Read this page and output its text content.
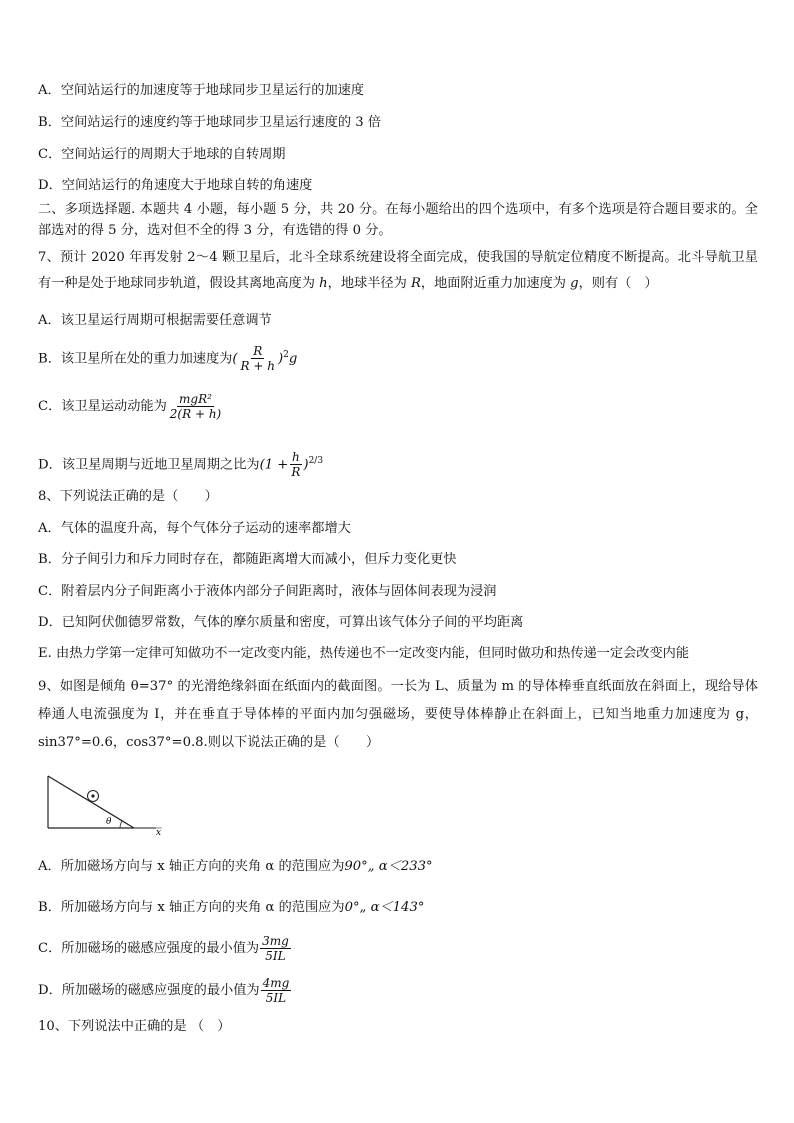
A．空间站运行的加速度等于地球同步卫星运行的加速度
B．空间站运行的速度约等于地球同步卫星运行速度的 3 倍
C．空间站运行的周期大于地球的自转周期
D．空间站运行的角速度大于地球自转的角速度
二、多项选择题. 本题共 4 小题，每小题 5 分，共 20 分。在每小题给出的四个选项中，有多个选项是符合题目要求的。全部选对的得 5 分，选对但不全的得 3 分，有选错的得 0 分。
7、预计 2020 年再发射 2～4 颗卫星后，北斗全球系统建设将全面完成，使我国的导航定位精度不断提高。北斗导航卫星有一种是处于地球同步轨道，假设其离地高度为 h，地球半径为 R，地面附近重力加速度为 g，则有（　）
A．该卫星运行周期可根据需要任意调节
B．该卫星所在处的重力加速度为( $\frac{R}{R + h} )^2g$
C．该卫星运动动能为 $\frac{\text{mgR²}}{2(R + h)}$
D．该卫星周期与近地卫星周期之比为$(1 + \frac{h}{R} )^{2/3}$
8、下列说法正确的是（　　）
A．气体的温度升高，每个气体分子运动的速率都增大
B．分子间引力和斥力同时存在，都随距离增大而减小，但斥力变化更快
C．附着层内分子间距离小于液体内部分子间距离时，液体与固体间表现为浸润
D．已知阿伏伽德罗常数，气体的摩尔质量和密度，可算出该气体分子间的平均距离
E. 由热力学第一定律可知做功不一定改变内能，热传递也不一定改变内能，但同时做功和热传递一定会改变内能
9、如图是倾角 θ=37° 的光滑绝缘斜面在纸面内的截面图。一长为 L、质量为 m 的导体棒垂直纸面放在斜面上，现给导体棒通人电流强度为 I，并在垂直于导体棒的平面内加匀强磁场，要使导体棒静止在斜面上，已知当地重力加速度为 g，sin37°=0.6，cos37°=0.8.则以下说法正确的是（　　）
θ
x
A．所加磁场方向与 x 轴正方向的夹角 α 的范围应为90°„ α＜233°
B．所加磁场方向与 x 轴正方向的夹角 α 的范围应为0°„ α＜143°
C．所加磁场的磁感应强度的最小值为 $\frac{3mg}{5IL}$
D．所加磁场的磁感应强度的最小值为 $\frac{4mg}{5IL}$
10、下列说法中正确的是 （　）
